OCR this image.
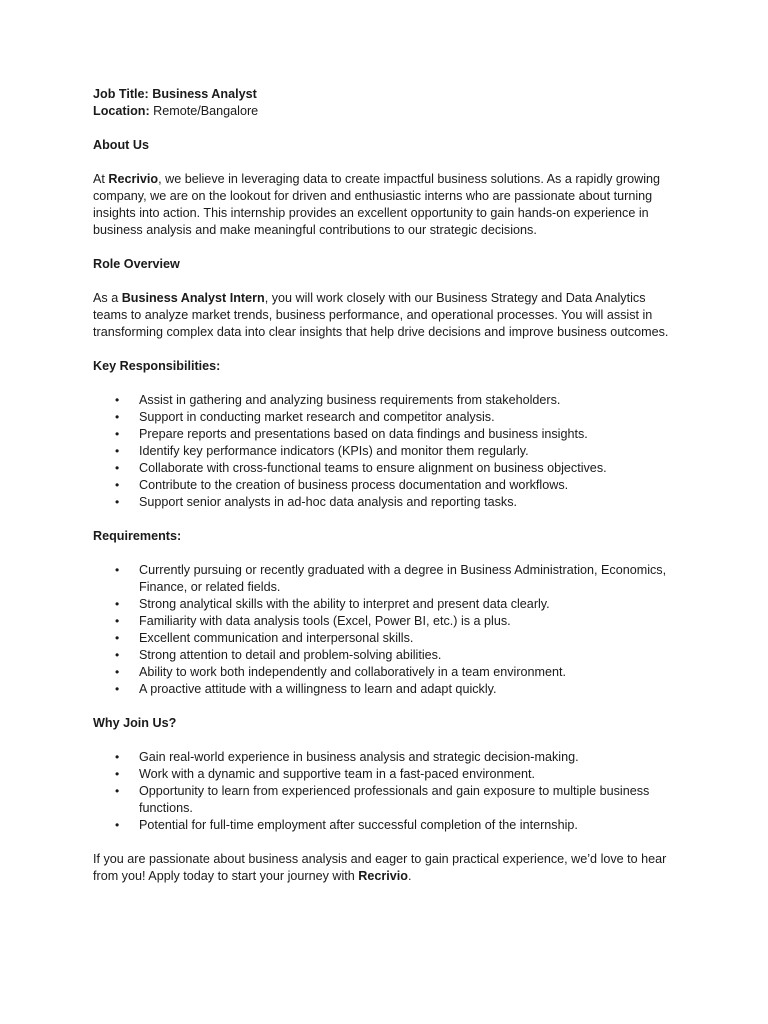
Job Title: Business Analyst

Location: Remote/Bangalore

About Us

At Recrivio, we believe in leveraging data to create impactful business solutions. As a rapidly growing company, we are on the lookout for driven and enthusiastic interns who are passionate about turning insights into action. This internship provides an excellent opportunity to gain hands-on experience in business analysis and make meaningful contributions to our strategic decisions.

Role Overview

As a Business Analyst Intern, you will work closely with our Business Strategy and Data Analytics teams to analyze market trends, business performance, and operational processes. You will assist in transforming complex data into clear insights that help drive decisions and improve business outcomes.

Key Responsibilities:

• Assist in gathering and analyzing business requirements from stakeholders.
• Support in conducting market research and competitor analysis.
• Prepare reports and presentations based on data findings and business insights.
• Identify key performance indicators (KPIs) and monitor them regularly.
• Collaborate with cross-functional teams to ensure alignment on business objectives.
• Contribute to the creation of business process documentation and workflows.
• Support senior analysts in ad-hoc data analysis and reporting tasks.

Requirements:

• Currently pursuing or recently graduated with a degree in Business Administration, Economics, Finance, or related fields.
• Strong analytical skills with the ability to interpret and present data clearly.
• Familiarity with data analysis tools (Excel, Power BI, etc.) is a plus.
• Excellent communication and interpersonal skills.
• Strong attention to detail and problem-solving abilities.
• Ability to work both independently and collaboratively in a team environment.
• A proactive attitude with a willingness to learn and adapt quickly.

Why Join Us?

• Gain real-world experience in business analysis and strategic decision-making.
• Work with a dynamic and supportive team in a fast-paced environment.
• Opportunity to learn from experienced professionals and gain exposure to multiple business functions.
• Potential for full-time employment after successful completion of the internship.

If you are passionate about business analysis and eager to gain practical experience, we’d love to hear from you! Apply today to start your journey with Recrivio.
